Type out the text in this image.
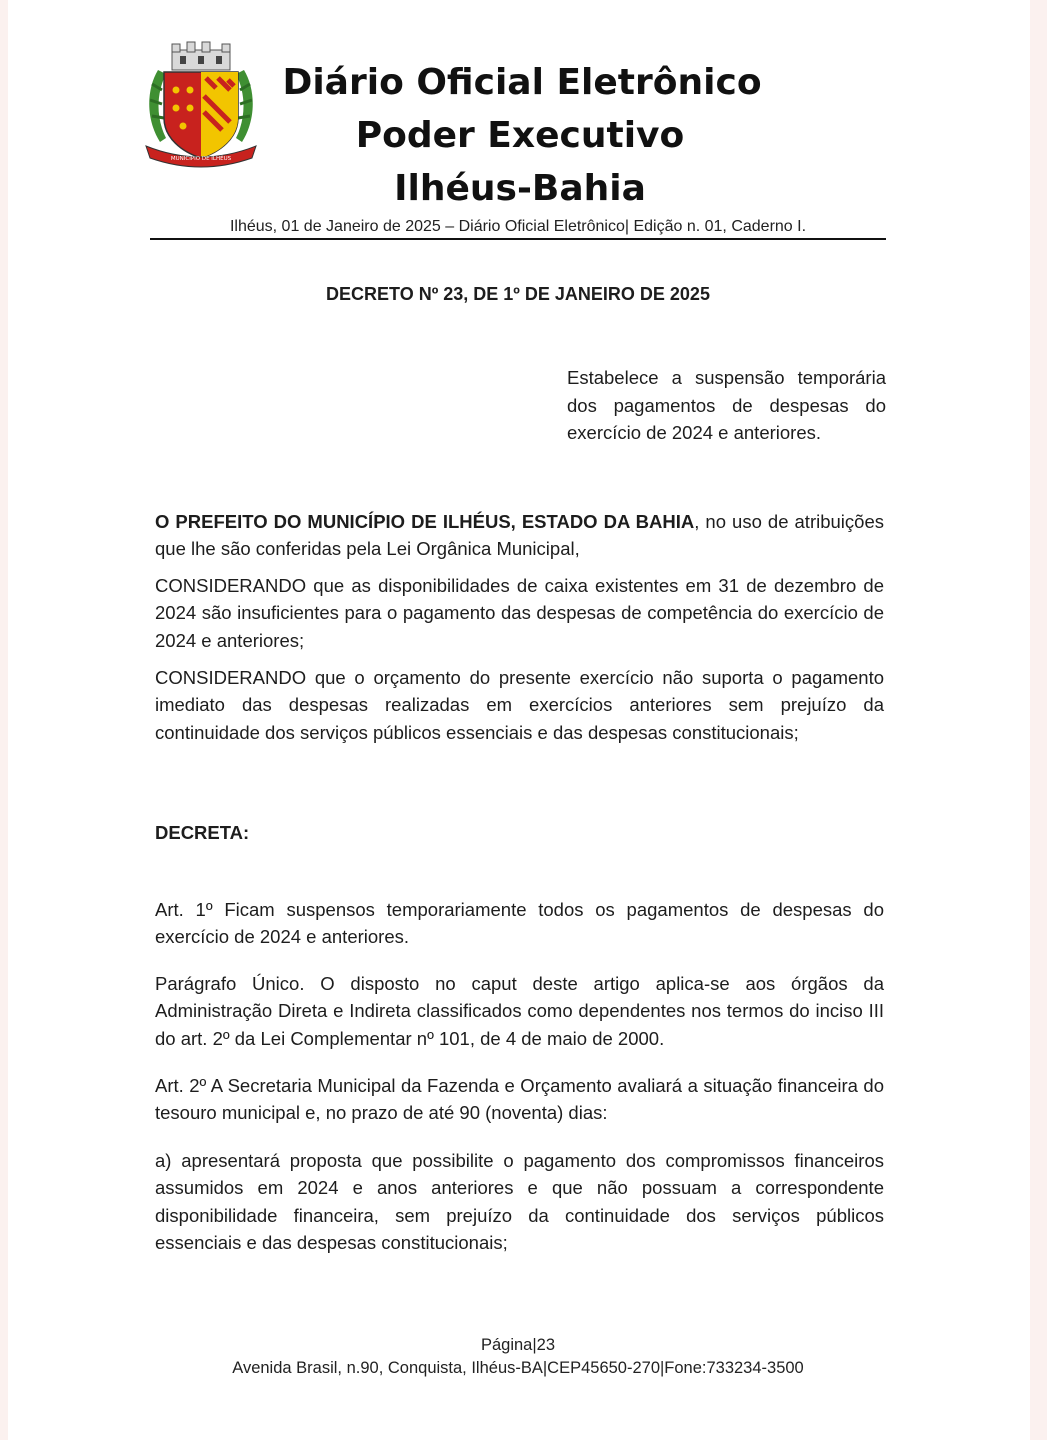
MUNICÍPIO DE ILHÉUS
Diário Oficial Eletrônico
Poder Executivo
Ilhéus-Bahia
Ilhéus, 01 de Janeiro de 2025 – Diário Oficial Eletrônico| Edição n. 01, Caderno I.
DECRETO Nº 23, DE 1º DE JANEIRO DE 2025
Estabelece a suspensão temporária dos pagamentos de despesas do exercício de 2024 e anteriores.

O PREFEITO DO MUNICÍPIO DE ILHÉUS, ESTADO DA BAHIA, no uso de atribuições que lhe são conferidas pela Lei Orgânica Municipal,

CONSIDERANDO que as disponibilidades de caixa existentes em 31 de dezembro de 2024 são insuficientes para o pagamento das despesas de competência do exercício de 2024 e anteriores;

CONSIDERANDO que o orçamento do presente exercício não suporta o pagamento imediato das despesas realizadas em exercícios anteriores sem prejuízo da continuidade dos serviços públicos essenciais e das despesas constitucionais;

DECRETA:

Art. 1º Ficam suspensos temporariamente todos os pagamentos de despesas do exercício de 2024 e anteriores.

Parágrafo Único. O disposto no caput deste artigo aplica-se aos órgãos da Administração Direta e Indireta classificados como dependentes nos termos do inciso III do art. 2º da Lei Complementar nº 101, de 4 de maio de 2000.

Art. 2º A Secretaria Municipal da Fazenda e Orçamento avaliará a situação financeira do tesouro municipal e, no prazo de até 90 (noventa) dias:

a) apresentará proposta que possibilite o pagamento dos compromissos financeiros assumidos em 2024 e anos anteriores e que não possuam a correspondente disponibilidade financeira, sem prejuízo da continuidade dos serviços públicos essenciais e das despesas constitucionais;

Página|23
Avenida Brasil, n.90, Conquista, Ilhéus-BA|CEP45650-270|Fone:733234-3500
